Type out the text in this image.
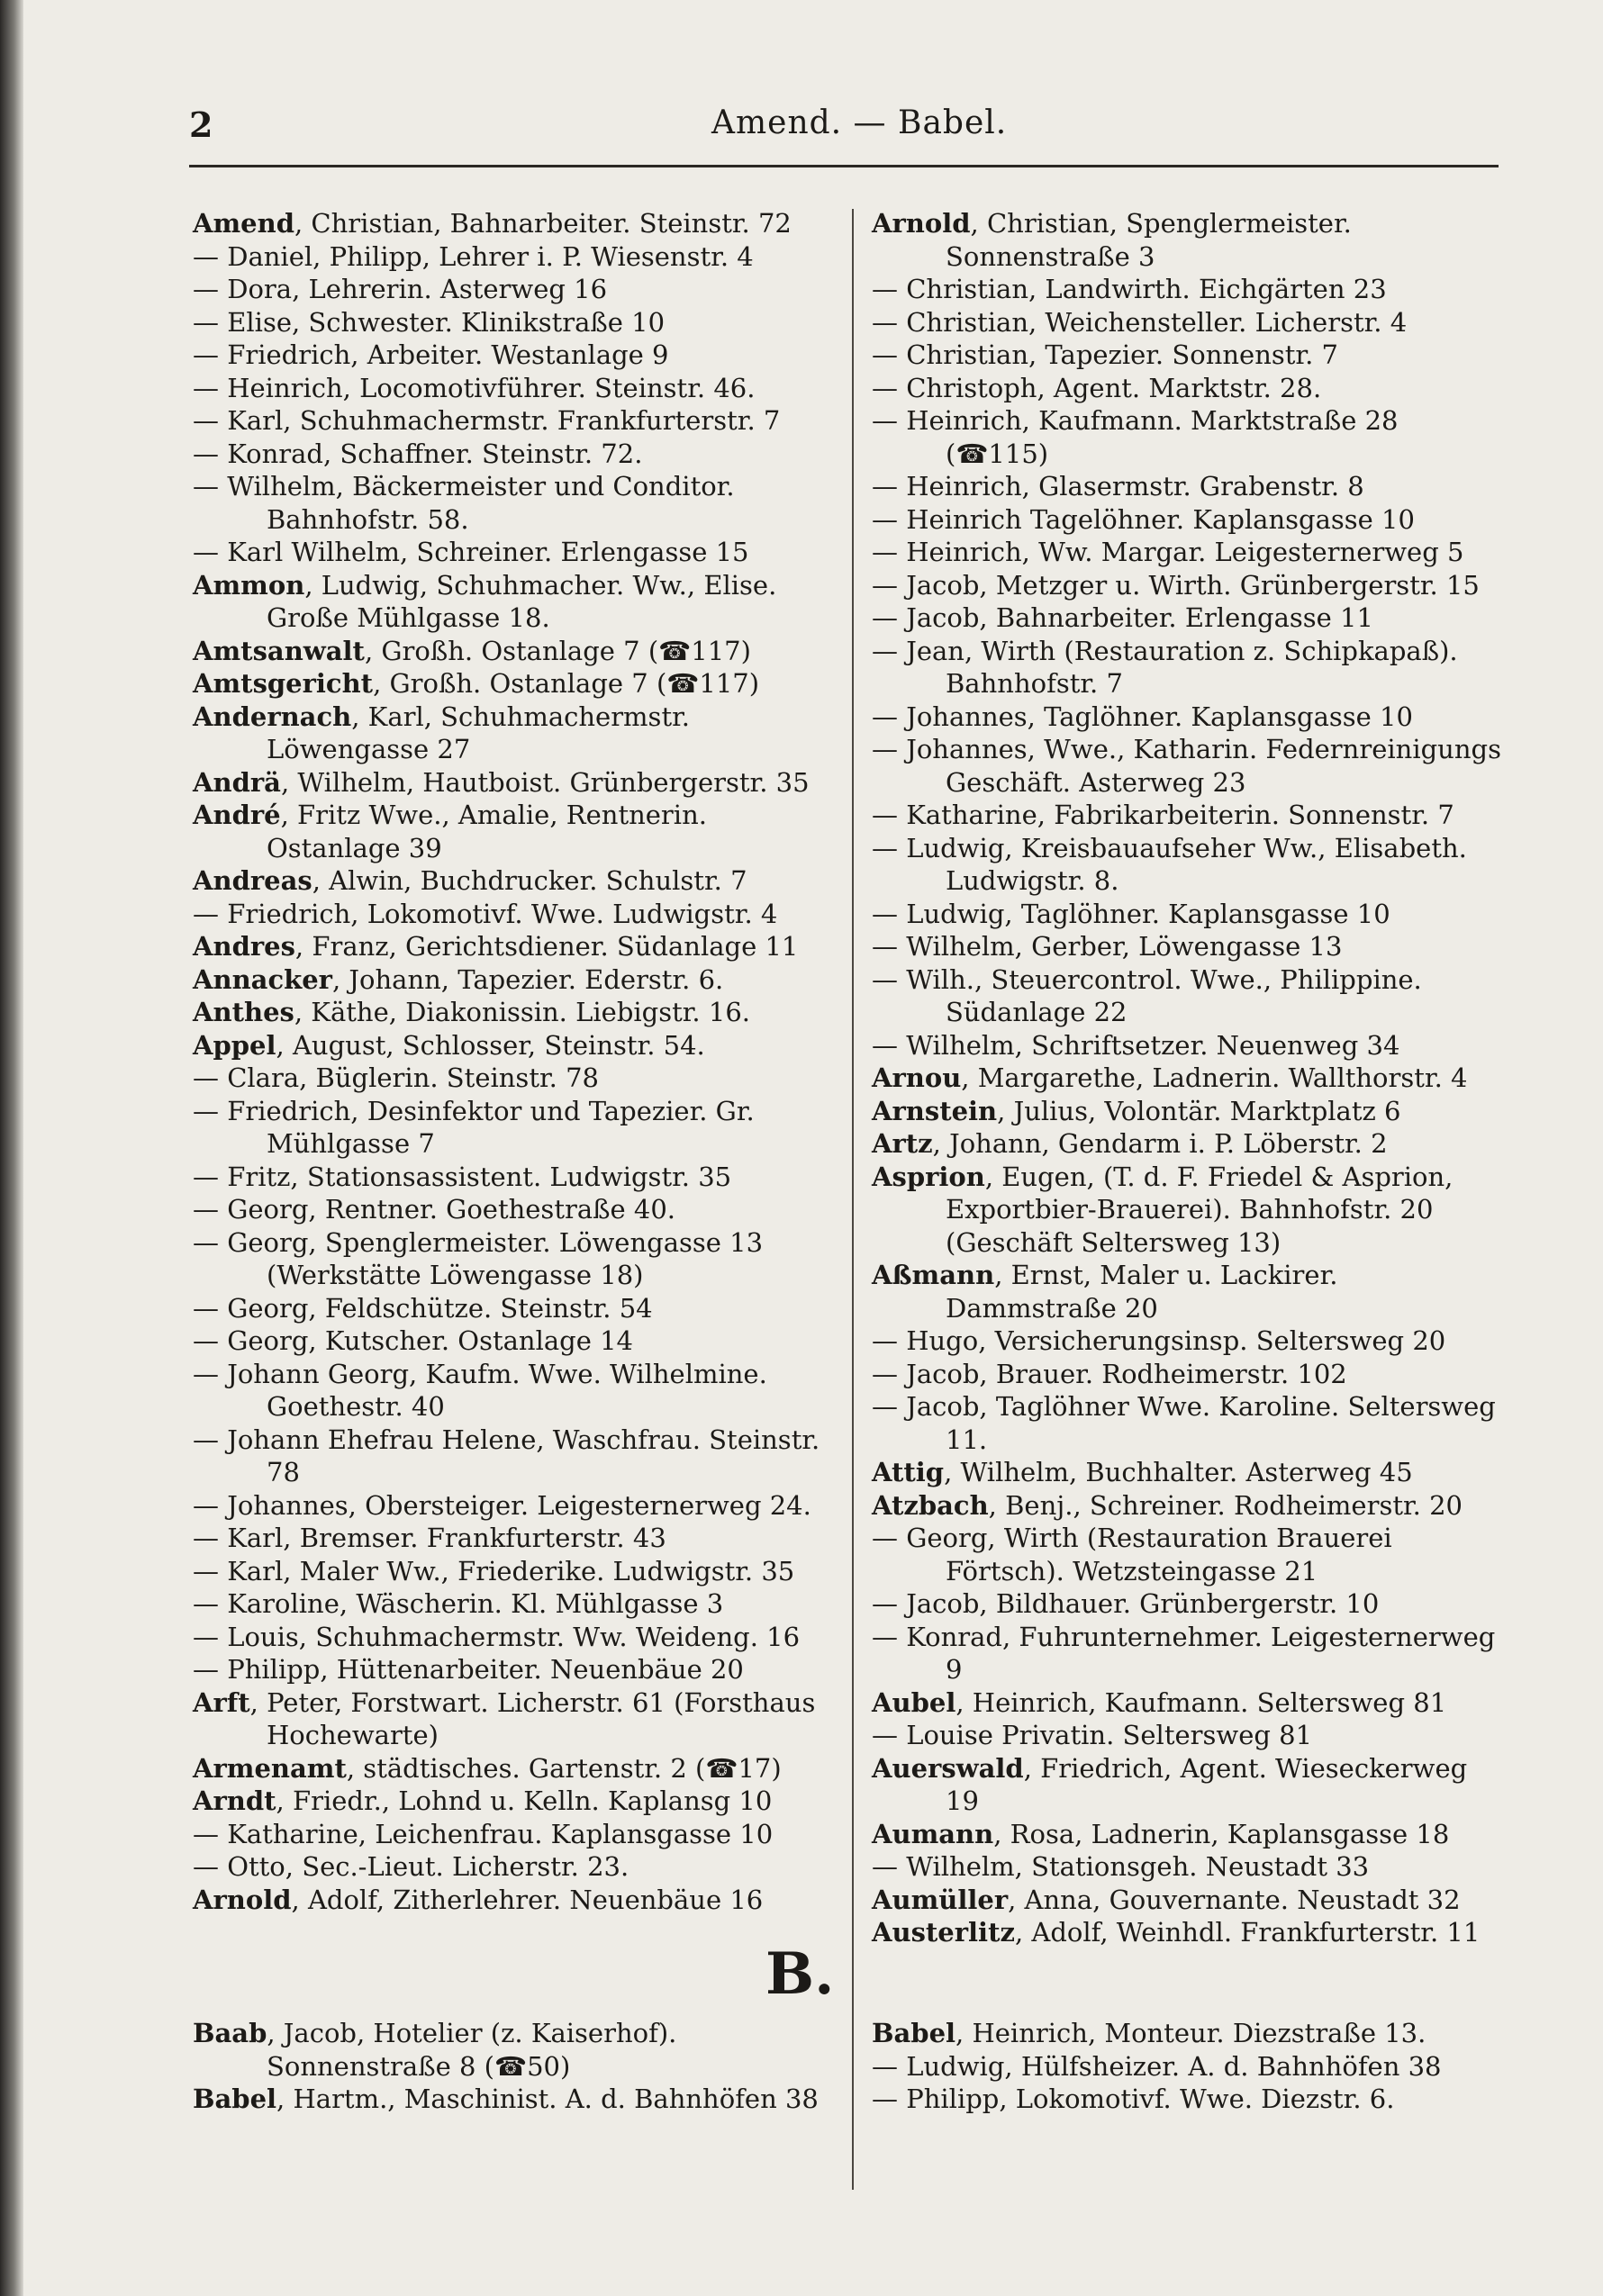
2	Amend. — Babel.
Amend, Christian, Bahnarbeiter. Steinstr. 72
— Daniel, Philipp, Lehrer i. P. Wiesenstr. 4
— Dora, Lehrerin. Asterweg 16
— Elise, Schwester. Klinikstraße 10
— Friedrich, Arbeiter. Westanlage 9
— Heinrich, Locomotivführer. Steinstr. 46.
— Karl, Schuhmachermstr. Frankfurterstr. 7
— Konrad, Schaffner. Steinstr. 72.
— Wilhelm, Bäckermeister und Conditor. Bahnhofstr. 58.
— Karl Wilhelm, Schreiner. Erlengasse 15
Ammon, Ludwig, Schuhmacher. Ww., Elise. Große Mühlgasse 18.
Amtsanwalt, Großh. Ostanlage 7 (☎117)
Amtsgericht, Großh. Ostanlage 7 (☎117)
Andernach, Karl, Schuhmachermstr. Löwengasse 27
Andrä, Wilhelm, Hautboist. Grünbergerstr. 35
André, Fritz Wwe., Amalie, Rentnerin. Ostanlage 39
Andreas, Alwin, Buchdrucker. Schulstr. 7
— Friedrich, Lokomotivf. Wwe. Ludwigstr. 4
Andres, Franz, Gerichtsdiener. Südanlage 11
Annacker, Johann, Tapezier. Ederstr. 6.
Anthes, Käthe, Diakonissin. Liebigstr. 16.
Appel, August, Schlosser, Steinstr. 54.
— Clara, Büglerin. Steinstr. 78
— Friedrich, Desinfektor und Tapezier. Gr. Mühlgasse 7
— Fritz, Stationsassistent. Ludwigstr. 35
— Georg, Rentner. Goethestraße 40.
— Georg, Spenglermeister. Löwengasse 13 (Werkstätte Löwengasse 18)
— Georg, Feldschütze. Steinstr. 54
— Georg, Kutscher. Ostanlage 14
— Johann Georg, Kaufm. Wwe. Wilhelmine. Goethestr. 40
— Johann Ehefrau Helene, Waschfrau. Steinstr. 78
— Johannes, Obersteiger. Leigesternerweg 24.
— Karl, Bremser. Frankfurterstr. 43
— Karl, Maler Ww., Friederike. Ludwigstr. 35
— Karoline, Wäscherin. Kl. Mühlgasse 3
— Louis, Schuhmachermstr. Ww. Weideng. 16
— Philipp, Hüttenarbeiter. Neuenbäue 20
Arft, Peter, Forstwart. Licherstr. 61 (Forsthaus Hochewarte)
Armenamt, städtisches. Gartenstr. 2 (☎17)
Arndt, Friedr., Lohnd u. Kelln. Kaplansg 10
— Katharine, Leichenfrau. Kaplansgasse 10
— Otto, Sec.-Lieut. Licherstr. 23.
Arnold, Adolf, Zitherlehrer. Neuenbäue 16
Arnold, Christian, Spenglermeister. Sonnenstraße 3
— Christian, Landwirth. Eichgärten 23
— Christian, Weichensteller. Licherstr. 4
— Christian, Tapezier. Sonnenstr. 7
— Christoph, Agent. Marktstr. 28.
— Heinrich, Kaufmann. Marktstraße 28 (☎115)
— Heinrich, Glasermstr. Grabenstr. 8
— Heinrich Tagelöhner. Kaplansgasse 10
— Heinrich, Ww. Margar. Leigesternerweg 5
— Jacob, Metzger u. Wirth. Grünbergerstr. 15
— Jacob, Bahnarbeiter. Erlengasse 11
— Jean, Wirth (Restauration z. Schipkapaß). Bahnhofstr. 7
— Johannes, Taglöhner. Kaplansgasse 10
— Johannes, Wwe., Katharin. Federnreinigungs Geschäft. Asterweg 23
— Katharine, Fabrikarbeiterin. Sonnenstr. 7
— Ludwig, Kreisbauaufseher Ww., Elisabeth. Ludwigstr. 8.
— Ludwig, Taglöhner. Kaplansgasse 10
— Wilhelm, Gerber, Löwengasse 13
— Wilh., Steuercontrol. Wwe., Philippine. Südanlage 22
— Wilhelm, Schriftsetzer. Neuenweg 34
Arnou, Margarethe, Ladnerin. Wallthorstr. 4
Arnstein, Julius, Volontär. Marktplatz 6
Artz, Johann, Gendarm i. P. Löberstr. 2
Asprion, Eugen, (T. d. F. Friedel & Asprion, Exportbier-Brauerei). Bahnhofstr. 20 (Geschäft Seltersweg 13)
Aßmann, Ernst, Maler u. Lackirer. Dammstraße 20
— Hugo, Versicherungsinsp. Seltersweg 20
— Jacob, Brauer. Rodheimerstr. 102
— Jacob, Taglöhner Wwe. Karoline. Seltersweg 11.
Attig, Wilhelm, Buchhalter. Asterweg 45
Atzbach, Benj., Schreiner. Rodheimerstr. 20
— Georg, Wirth (Restauration Brauerei Förtsch). Wetzsteingasse 21
— Jacob, Bildhauer. Grünbergerstr. 10
— Konrad, Fuhrunternehmer. Leigesternerweg 9
Aubel, Heinrich, Kaufmann. Seltersweg 81
— Louise Privatin. Seltersweg 81
Auerswald, Friedrich, Agent. Wieseckerweg 19
Aumann, Rosa, Ladnerin, Kaplansgasse 18
— Wilhelm, Stationsgeh. Neustadt 33
Aumüller, Anna, Gouvernante. Neustadt 32
Austerlitz, Adolf, Weinhdl. Frankfurterstr. 11
B.
Baab, Jacob, Hotelier (z. Kaiserhof). Sonnenstraße 8 (☎50)
Babel, Hartm., Maschinist. A. d. Bahnhöfen 38
Babel, Heinrich, Monteur. Diezstraße 13.
— Ludwig, Hülfsheizer. A. d. Bahnhöfen 38
— Philipp, Lokomotivf. Wwe. Diezstr. 6.
